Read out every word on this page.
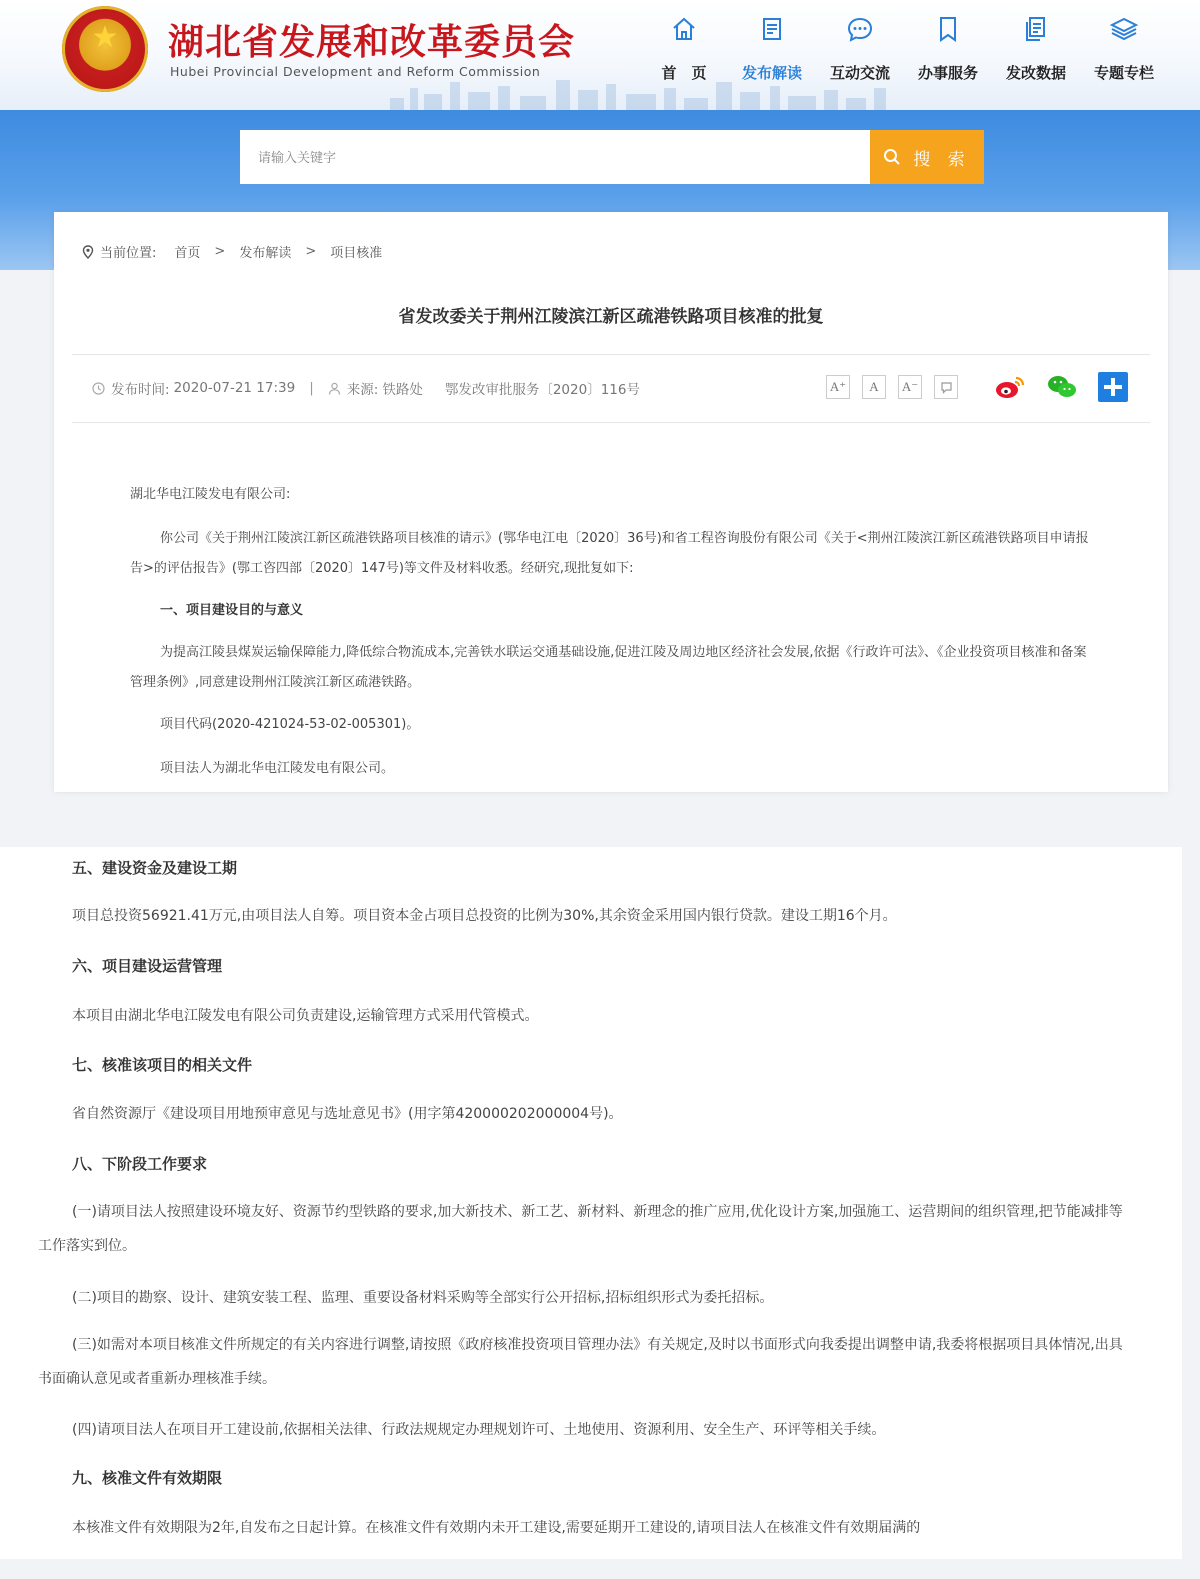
★
湖北省发展和改革委员会
Hubei Provincial Development and Reform Commission	首　页	发布解读	互动交流	办事服务	发改数据	专题专栏
请输入关键字
搜 索
当前位置: 首页 > 发布解读 > 项目核准
省发改委关于荆州江陵滨江新区疏港铁路项目核准的批复
发布时间: 2020-07-21 17:39 | 来源: 铁路处 鄂发改审批服务〔2020〕116号	A⁺	A	A⁻
湖北华电江陵发电有限公司:
你公司《关于荆州江陵滨江新区疏港铁路项目核准的请示》(鄂华电江电〔2020〕36号)和省工程咨询股份有限公司《关于<荆州江陵滨江新区疏港铁路项目申请报告>的评估报告》(鄂工咨四部〔2020〕147号)等文件及材料收悉。经研究,现批复如下:
一、项目建设目的与意义
为提高江陵县煤炭运输保障能力,降低综合物流成本,完善铁水联运交通基础设施,促进江陵及周边地区经济社会发展,依据《行政许可法》、《企业投资项目核准和备案管理条例》,同意建设荆州江陵滨江新区疏港铁路。
项目代码(2020-421024-53-02-005301)。
项目法人为湖北华电江陵发电有限公司。
五、建设资金及建设工期
项目总投资56921.41万元,由项目法人自筹。项目资本金占项目总投资的比例为30%,其余资金采用国内银行贷款。建设工期16个月。
六、项目建设运营管理
本项目由湖北华电江陵发电有限公司负责建设,运输管理方式采用代管模式。
七、核准该项目的相关文件
省自然资源厅《建设项目用地预审意见与选址意见书》(用字第420000202000004号)。
八、下阶段工作要求
(一)请项目法人按照建设环境友好、资源节约型铁路的要求,加大新技术、新工艺、新材料、新理念的推广应用,优化设计方案,加强施工、运营期间的组织管理,把节能减排等工作落实到位。
(二)项目的勘察、设计、建筑安装工程、监理、重要设备材料采购等全部实行公开招标,招标组织形式为委托招标。
(三)如需对本项目核准文件所规定的有关内容进行调整,请按照《政府核准投资项目管理办法》有关规定,及时以书面形式向我委提出调整申请,我委将根据项目具体情况,出具书面确认意见或者重新办理核准手续。
(四)请项目法人在项目开工建设前,依据相关法律、行政法规规定办理规划许可、土地使用、资源利用、安全生产、环评等相关手续。
九、核准文件有效期限
本核准文件有效期限为2年,自发布之日起计算。在核准文件有效期内未开工建设,需要延期开工建设的,请项目法人在核准文件有效期届满的
